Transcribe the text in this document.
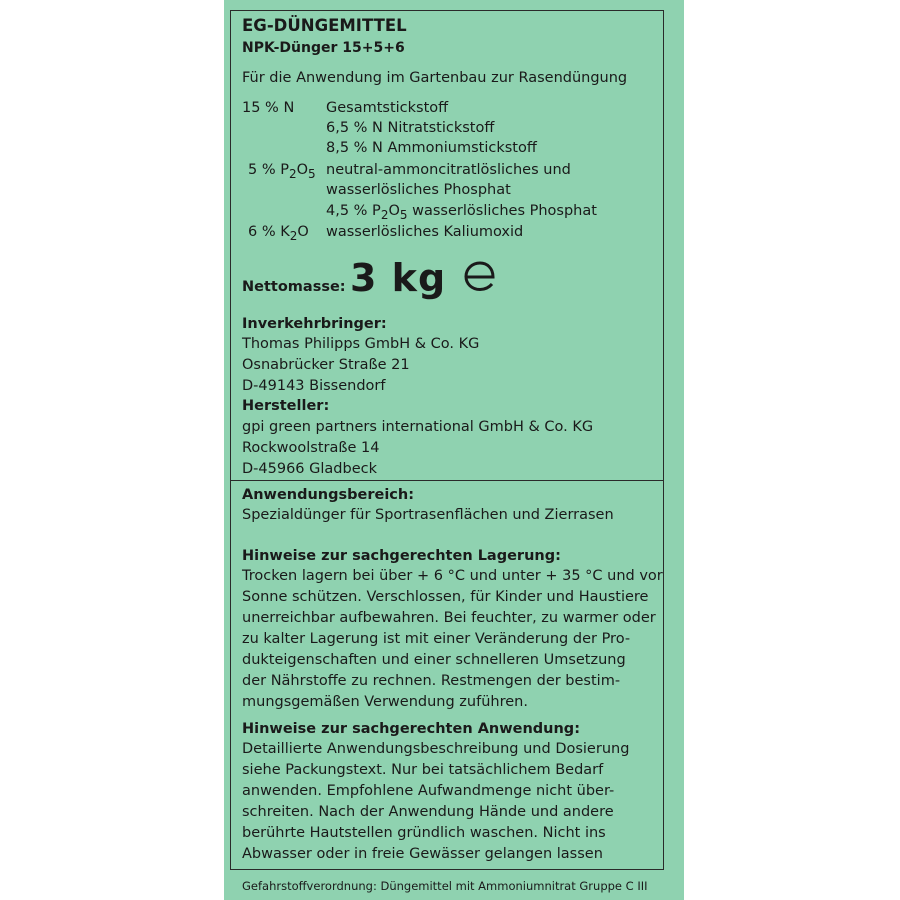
EG-DÜNGEMITTEL
NPK-Dünger 15+5+6
Für die Anwendung im Gartenbau zur Rasendüngung
15 % N Gesamtstickstoff
6,5 % N Nitratstickstoff
8,5 % N Ammoniumstickstoff
5 % $P_2O_5$ neutral-ammoncitratlösliches und
wasserlösliches Phosphat
4,5 % $P_2O_5$ wasserlösliches Phosphat
6 % $K_2O$ wasserlösliches Kaliumoxid
Nettomasse: 3 kg
Inverkehrbringer:
Thomas Philipps GmbH & Co. KG
Osnabrücker Straße 21
D-49143 Bissendorf
Hersteller:
gpi green partners international GmbH & Co. KG
Rockwoolstraße 14
D-45966 Gladbeck
Anwendungsbereich:
Spezialdünger für Sportrasenflächen und Zierrasen
Hinweise zur sachgerechten Lagerung:
Trocken lagern bei über + 6 °C und unter + 35 °C und vor
Sonne schützen. Verschlossen, für Kinder und Haustiere
unerreichbar aufbewahren. Bei feuchter, zu warmer oder
zu kalter Lagerung ist mit einer Veränderung der Pro-
dukteigenschaften und einer schnelleren Umsetzung
der Nährstoffe zu rechnen. Restmengen der bestim-
mungsgemäßen Verwendung zuführen.
Hinweise zur sachgerechten Anwendung:
Detaillierte Anwendungsbeschreibung und Dosierung
siehe Packungstext. Nur bei tatsächlichem Bedarf
anwenden. Empfohlene Aufwandmenge nicht über-
schreiten. Nach der Anwendung Hände und andere
berührte Hautstellen gründlich waschen. Nicht ins
Abwasser oder in freie Gewässer gelangen lassen
Gefahrstoffverordnung: Düngemittel mit Ammoniumnitrat Gruppe C III
